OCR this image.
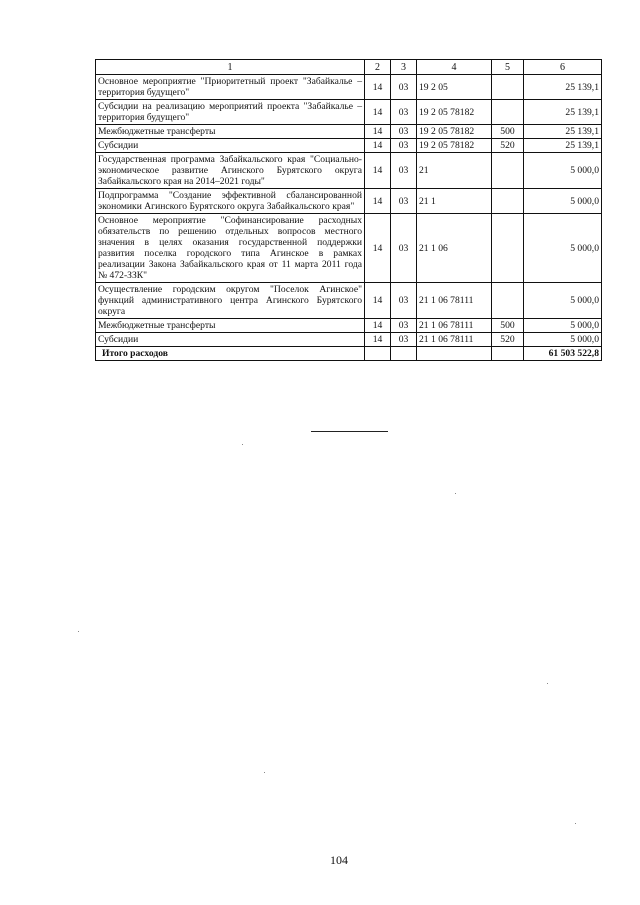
1	2	3	4	5	6
Основное мероприятие "Приоритетный проект "Забайкалье – территория будущего"	14	03	19 2 05		25 139,1
Субсидии на реализацию мероприятий проекта "Забайкалье – территория будущего"	14	03	19 2 05 78182		25 139,1
Межбюджетные трансферты	14	03	19 2 05 78182	500	25 139,1
Субсидии	14	03	19 2 05 78182	520	25 139,1
Государственная программа Забайкальского края "Социально-экономическое развитие Агинского Бурятского округа Забайкальского края на 2014–2021 годы"	14	03	21		5 000,0
Подпрограмма "Создание эффективной сбалансированной экономики Агинского Бурятского округа Забайкальского края"	14	03	21 1		5 000,0
Основное мероприятие "Софинансирование расходных обязательств по решению отдельных вопросов местного значения в целях оказания государственной поддержки развития поселка городского типа Агинское в рамках реализации Закона Забайкальского края от 11 марта 2011 года № 472-ЗЗК"	14	03	21 1 06		5 000,0
Осуществление городским округом "Поселок Агинское" функций административного центра Агинского Бурятского округа	14	03	21 1 06 78111		5 000,0
Межбюджетные трансферты	14	03	21 1 06 78111	500	5 000,0
Субсидии	14	03	21 1 06 78111	520	5 000,0
Итого расходов					61 503 522,8
104
